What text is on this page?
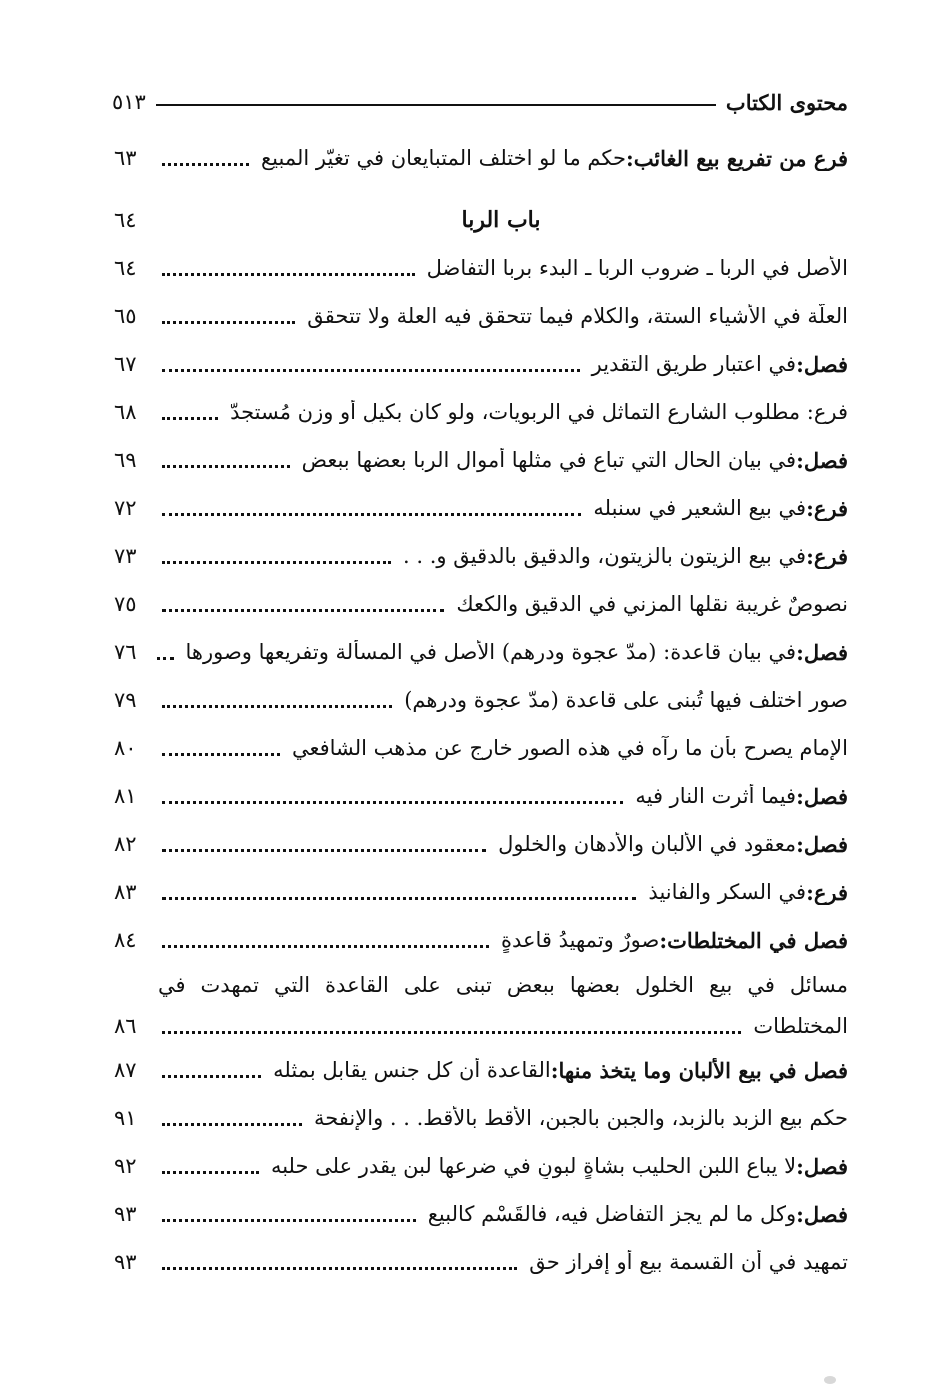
محتوى الكتاب
٥١٣
فرع من تفريع بيع الغائب:
حكم ما لو اختلف المتبايعان في تغيّر المبيع
٦٣
باب الربا
٦٤
الأصل في الربا ـ ضروب الربا ـ البدء بربا التفاضل
٦٤
العلّة في الأشياء الستة، والكلام فيما تتحقق فيه العلة ولا تتحقق
٦٥
فصل:
في اعتبار طريق التقدير
٦٧
فرع: مطلوب الشارع التماثل في الربويات، ولو كان بكيلٍ أو وزن مُستجدّ
٦٨
فصل:
في بيان الحال التي تباع في مثلها أموال الربا بعضها ببعض
٦٩
فرع:
في بيع الشعير في سنبله
٧٢
فرع:
في بيع الزيتون بالزيتون، والدقيق بالدقيق و. . .
٧٣
نصوصٌ غريبة نقلها المزني في الدقيق والكعك
٧٥
فصل:
في بيان قاعدة: (مدّ عجوة ودرهم) الأصل في المسألة وتفريعها وصورها
٧٦
صور اختلف فيها تُبنى على قاعدة (مدّ عجوة ودرهم)
٧٩
الإمام يصرح بأن ما رآه في هذه الصور خارج عن مذهب الشافعي
٨٠
فصل:
فيما أثرت النار فيه
٨١
فصل:
معقود في الألبان والأدهان والخلول
٨٢
فرع:
في السكر والفانيذ
٨٣
فصل في المختلطات:
صورٌ وتمهيدُ قاعدةٍ
٨٤
مسائل في بيع الخلول بعضها ببعض تبنى على القاعدة التي تمهدت في
المختلطات
٨٦
فصل في بيع الألبان وما يتخذ منها:
القاعدة أن كل جنسٍ يقابل بمثله
٨٧
حكم بيع الزبد بالزبد، والجبن بالجبن، الأقط بالأقط. . . والإنفحة
٩١
فصل:
لا يباع اللبن الحليب بشاةٍ لبونٍ في ضرعها لبن يقدر على حلبه
٩٢
فصل:
وكل ما لم يجز التفاضل فيه، فالقَسْم كالبيع
٩٣
تمهيد في أن القسمة بيع أو إفراز حق
٩٣
